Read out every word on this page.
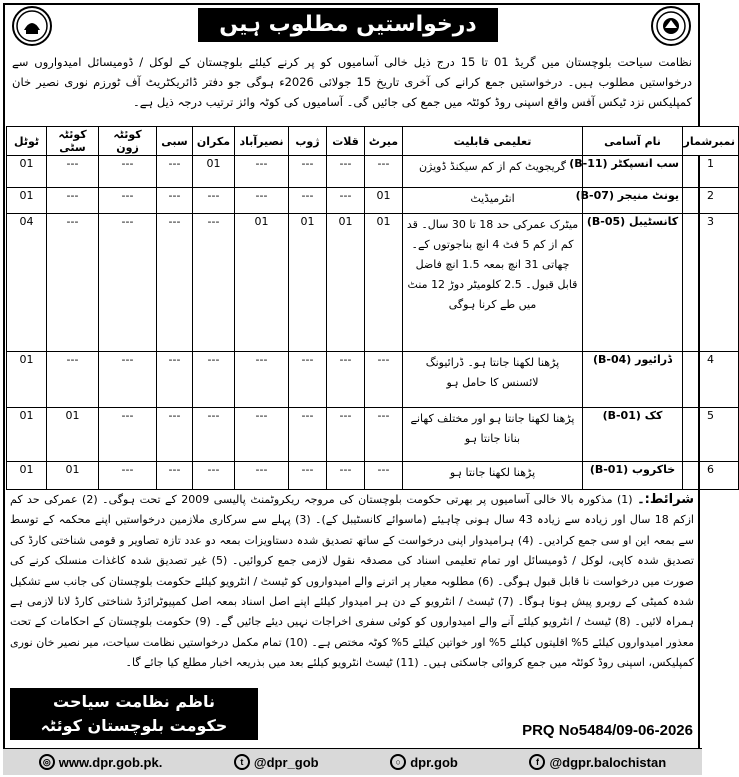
درخواستیں مطلوب ہیں
نظامت سیاحت بلوچستان میں گریڈ 01 تا 15 درج ذیل خالی آسامیوں کو پر کرنے کیلئے بلوچستان کے لوکل / ڈومیسائل امیدواروں سے درخواستیں مطلوب ہیں۔ درخواستیں جمع کرانے کی آخری تاریخ 15 جولائی 2026ء ہوگی جو دفتر ڈائریکٹریٹ آف ٹورزم نوری نصیر خان کمپلیکس نزد ٹیکس آفس واقع اسپنی روڈ کوئٹہ میں جمع کی جائیں گی۔ آسامیوں کی کوٹہ وائز ترتیب درجہ ذیل ہے۔
نمبرشمار	نام آسامی	تعلیمی قابلیت	میرٹ	قلات	ژوب	نصیرآباد	مکران	سبی	کوئٹہ زون	کوئٹہ سٹی	ٹوٹل
1	سب انسپکٹر (B-11)	گریجویٹ کم از کم سیکنڈ ڈویژن	---	---	---	---	01	---	---	---	01
2	یونٹ منیجر (B-07)	انٹرمیڈیٹ	01	---	---	---	---	---	---	---	01
3	کانسٹیبل (B-05)	میٹرک عمرکی حد 18 تا 30 سال۔ قد کم از کم 5 فٹ 4 انچ بناجوتوں کے۔ چھاتی 31 انچ بمعہ 1.5 انچ فاضل قابل قبول۔ 2.5 کلومیٹر دوڑ 12 منٹ میں طے کرنا ہوگی	01	01	01	01	---	---	---	---	04
4	ڈرائیور (B-04)	پڑھنا لکھنا جانتا ہو۔ ڈرائیونگ لائسنس کا حامل ہو	---	---	---	---	---	---	---	---	01
5	کک (B-01)	پڑھنا لکھنا جانتا ہو اور مختلف کھانے بنانا جانتا ہو	---	---	---	---	---	---	---	01	01
6	خاکروب (B-01)	پڑھنا لکھنا جانتا ہو	---	---	---	---	---	---	---	01	01
شرائط:۔ (1) مذکورہ بالا خالی آسامیوں پر بھرتی حکومت بلوچستان کی مروجہ ریکروٹمنٹ پالیسی 2009 کے تحت ہوگی۔ (2) عمرکی حد کم ازکم 18 سال اور زیادہ سے زیادہ 43 سال ہونی چاہیئے (ماسوائے کانسٹیبل کے)۔ (3) پہلے سے سرکاری ملازمین درخواستیں اپنے محکمہ کے توسط سے بمعہ این او سی جمع کرادیں۔ (4) ہرامیدوار اپنی درخواست کے ساتھ تصدیق شدہ دستاویزات بمعہ دو عدد تازہ تصاویر و قومی شناختی کارڈ کی تصدیق شدہ کاپی، لوکل / ڈومیسائل اور تمام تعلیمی اسناد کی مصدقہ نقول لازمی جمع کروائیں۔ (5) غیر تصدیق شدہ کاغذات منسلک کرنے کی صورت میں درخواست نا قابل قبول ہوگی۔ (6) مطلوبہ معیار پر اترنے والے امیدواروں کو ٹیسٹ / انٹرویو کیلئے حکومت بلوچستان کی جانب سے تشکیل شدہ کمیٹی کے روبرو پیش ہونا ہوگا۔ (7) ٹیسٹ / انٹرویو کے دن ہر امیدوار کیلئے اپنے اصل اسناد بمعہ اصل کمپیوٹرائزڈ شناختی کارڈ لانا لازمی ہے ہمراہ لائیں۔ (8) ٹیسٹ / انٹرویو کیلئے آنے والے امیدواروں کو کوئی سفری اخراجات نہیں دیئے جائیں گے۔ (9) حکومت بلوچستان کے احکامات کے تحت معذور امیدواروں کیلئے 5% اقلیتوں کیلئے 5% اور خواتین کیلئے 5% کوٹہ مختص ہے۔ (10) تمام مکمل درخواستیں نظامت سیاحت، میر نصیر خان نوری کمپلیکس، اسپنی روڈ کوئٹہ میں جمع کروائی جاسکتی ہیں۔ (11) ٹیسٹ انٹرویو کیلئے بعد میں بذریعہ اخبار مطلع کیا جائے گا۔
ناظم نظامت سیاحت
حکومت بلوچستان کوئٹہ	PRQ No5484/09-06-2026
◎ www.dpr.gob.pk.	t @dpr_gob	○ dpr.gob	f @dgpr.balochistan
